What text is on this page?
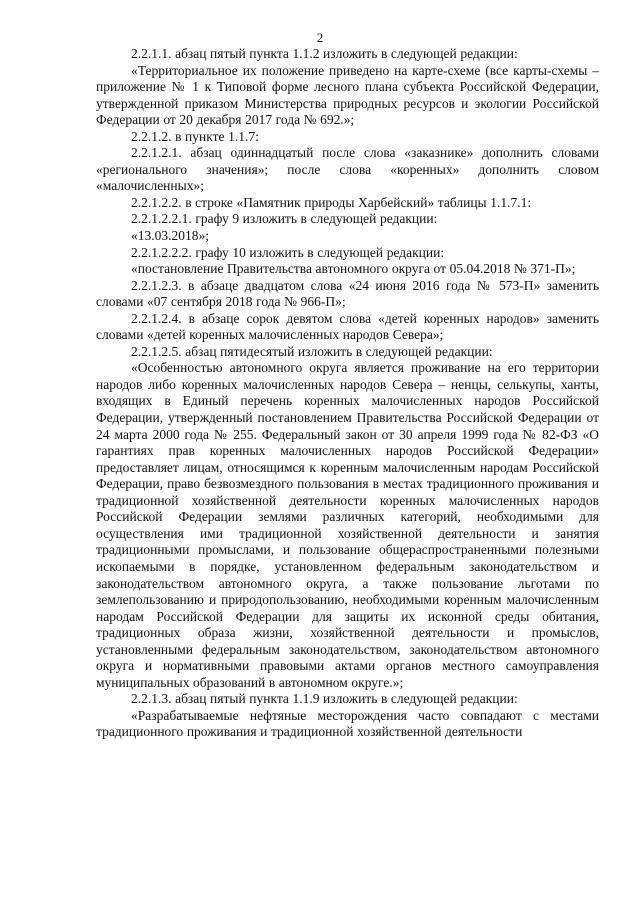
2

2.2.1.1. абзац пятый пункта 1.1.2 изложить в следующей редакции:

«Территориальное их положение приведено на карте-схеме (все карты-схемы – приложение № 1 к Типовой форме лесного плана субъекта Российской Федерации, утвержденной приказом Министерства природных ресурсов и экологии Российской Федерации от 20 декабря 2017 года № 692.»;

2.2.1.2. в пункте 1.1.7:

2.2.1.2.1. абзац одиннадцатый после слова «заказнике» дополнить словами «регионального значения»; после слова «коренных» дополнить словом «малочисленных»;

2.2.1.2.2. в строке «Памятник природы Харбейский» таблицы 1.1.7.1:

2.2.1.2.2.1. графу 9 изложить в следующей редакции:

«13.03.2018»;

2.2.1.2.2.2. графу 10 изложить в следующей редакции:

«постановление Правительства автономного округа от 05.04.2018 № 371-П»;

2.2.1.2.3. в абзаце двадцатом слова «24 июня 2016 года № 573-П» заменить словами «07 сентября 2018 года № 966-П»;

2.2.1.2.4. в абзаце сорок девятом слова «детей коренных народов» заменить словами «детей коренных малочисленных народов Севера»;

2.2.1.2.5. абзац пятидесятый изложить в следующей редакции:

«Особенностью автономного округа является проживание на его территории народов либо коренных малочисленных народов Севера – ненцы, селькупы, ханты, входящих в Единый перечень коренных малочисленных народов Российской Федерации, утвержденный постановлением Правительства Российской Федерации от 24 марта 2000 года № 255. Федеральный закон от 30 апреля 1999 года № 82-ФЗ «О гарантиях прав коренных малочисленных народов Российской Федерации» предоставляет лицам, относящимся к коренным малочисленным народам Российской Федерации, право безвозмездного пользования в местах традиционного проживания и традиционной хозяйственной деятельности коренных малочисленных народов Российской Федерации землями различных категорий, необходимыми для осуществления ими традиционной хозяйственной деятельности и занятия традиционными промыслами, и пользование общераспространенными полезными ископаемыми в порядке, установленном федеральным законодательством и законодательством автономного округа, а также пользование льготами по землепользованию и природопользованию, необходимыми коренным малочисленным народам Российской Федерации для защиты их исконной среды обитания, традиционных образа жизни, хозяйственной деятельности и промыслов, установленными федеральным законодательством, законодательством автономного округа и нормативными правовыми актами органов местного самоуправления муниципальных образований в автономном округе.»;

2.2.1.3. абзац пятый пункта 1.1.9 изложить в следующей редакции:

«Разрабатываемые нефтяные месторождения часто совпадают с местами традиционного проживания и традиционной хозяйственной деятельности
